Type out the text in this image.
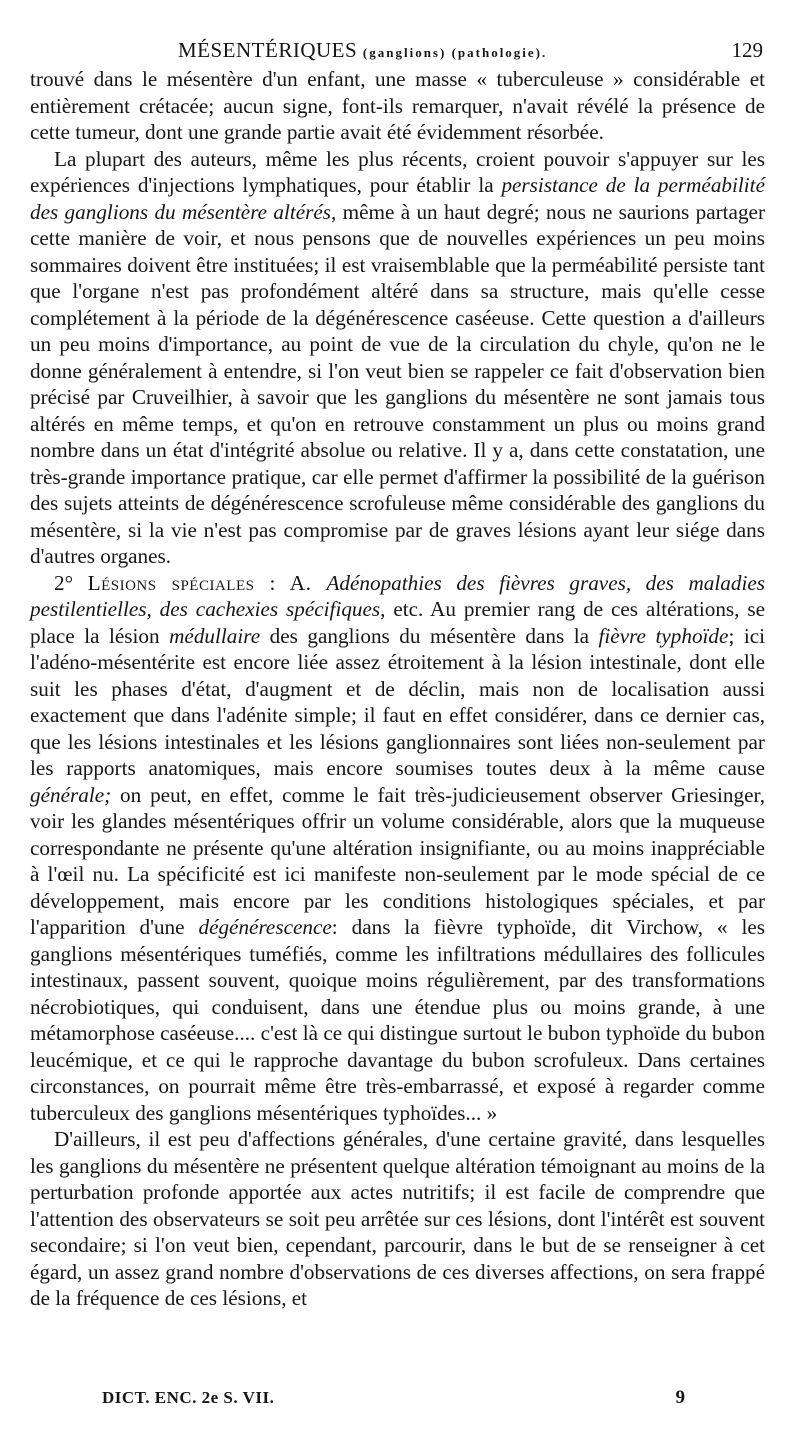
MÉSENTÉRIQUES (ganglions) (pathologie).	129

trouvé dans le mésentère d'un enfant, une masse « tuberculeuse » considérable et entièrement crétacée; aucun signe, font-ils remarquer, n'avait révélé la présence de cette tumeur, dont une grande partie avait été évidemment résorbée.

La plupart des auteurs, même les plus récents, croient pouvoir s'appuyer sur les expériences d'injections lymphatiques, pour établir la persistance de la perméabilité des ganglions du mésentère altérés, même à un haut degré; nous ne saurions partager cette manière de voir, et nous pensons que de nouvelles expériences un peu moins sommaires doivent être instituées; il est vraisemblable que la perméabilité persiste tant que l'organe n'est pas profondément altéré dans sa structure, mais qu'elle cesse complétement à la période de la dégénérescence caséeuse. Cette question a d'ailleurs un peu moins d'importance, au point de vue de la circulation du chyle, qu'on ne le donne généralement à entendre, si l'on veut bien se rappeler ce fait d'observation bien précisé par Cruveilhier, à savoir que les ganglions du mésentère ne sont jamais tous altérés en même temps, et qu'on en retrouve constamment un plus ou moins grand nombre dans un état d'intégrité absolue ou relative. Il y a, dans cette constatation, une très-grande importance pratique, car elle permet d'affirmer la possibilité de la guérison des sujets atteints de dégénérescence scrofuleuse même considérable des ganglions du mésentère, si la vie n'est pas compromise par de graves lésions ayant leur siége dans d'autres organes.

2° Lésions spéciales : A. Adénopathies des fièvres graves, des maladies pestilentielles, des cachexies spécifiques, etc. Au premier rang de ces altérations, se place la lésion médullaire des ganglions du mésentère dans la fièvre typhoïde; ici l'adéno-mésentérite est encore liée assez étroitement à la lésion intestinale, dont elle suit les phases d'état, d'augment et de déclin, mais non de localisation aussi exactement que dans l'adénite simple; il faut en effet considérer, dans ce dernier cas, que les lésions intestinales et les lésions ganglionnaires sont liées non-seulement par les rapports anatomiques, mais encore soumises toutes deux à la même cause générale; on peut, en effet, comme le fait très-judicieusement observer Griesinger, voir les glandes mésentériques offrir un volume considérable, alors que la muqueuse correspondante ne présente qu'une altération insignifiante, ou au moins inappréciable à l'œil nu. La spécificité est ici manifeste non-seulement par le mode spécial de ce développement, mais encore par les conditions histologiques spéciales, et par l'apparition d'une dégénérescence: dans la fièvre typhoïde, dit Virchow, « les ganglions mésentériques tuméfiés, comme les infiltrations médullaires des follicules intestinaux, passent souvent, quoique moins régulièrement, par des transformations nécrobiotiques, qui conduisent, dans une étendue plus ou moins grande, à une métamorphose caséeuse.... c'est là ce qui distingue surtout le bubon typhoïde du bubon leucémique, et ce qui le rapproche davantage du bubon scrofuleux. Dans certaines circonstances, on pourrait même être très-embarrassé, et exposé à regarder comme tuberculeux des ganglions mésentériques typhoïdes... »

D'ailleurs, il est peu d'affections générales, d'une certaine gravité, dans lesquelles les ganglions du mésentère ne présentent quelque altération témoignant au moins de la perturbation profonde apportée aux actes nutritifs; il est facile de comprendre que l'attention des observateurs se soit peu arrêtée sur ces lésions, dont l'intérêt est souvent secondaire; si l'on veut bien, cependant, parcourir, dans le but de se renseigner à cet égard, un assez grand nombre d'observations de ces diverses affections, on sera frappé de la fréquence de ces lésions, et

DICT. ENC. 2e S. VII.	9
